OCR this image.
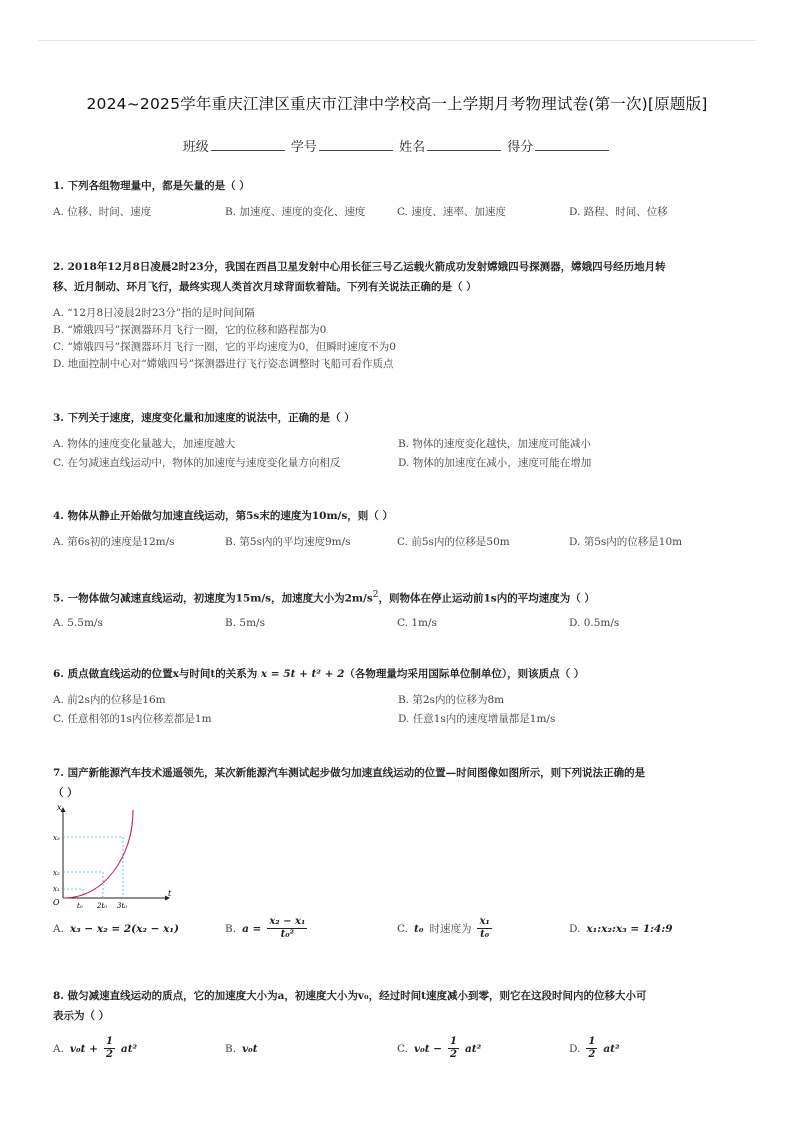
2024~2025学年重庆江津区重庆市江津中学校高一上学期月考物理试卷(第一次)[原题版]
班级	学号	姓名	得分
1. 下列各组物理量中，都是矢量的是（ ）
A. 位移、时间、速度	B. 加速度、速度的变化、速度	C. 速度、速率、加速度	D. 路程、时间、位移
2. 2018年12月8日凌晨2时23分，我国在西昌卫星发射中心用长征三号乙运载火箭成功发射嫦娥四号探测器，嫦娥四号经历地月转
移、近月制动、环月飞行，最终实现人类首次月球背面软着陆。下列有关说法正确的是（ ）
A. “12月8日凌晨2时23分”指的是时间间隔
B. “嫦娥四号”探测器环月飞行一圈，它的位移和路程都为0
C. “嫦娥四号”探测器环月飞行一圈，它的平均速度为0，但瞬时速度不为0
D. 地面控制中心对“嫦娥四号”探测器进行飞行姿态调整时飞船可看作质点
3. 下列关于速度，速度变化量和加速度的说法中，正确的是（ ）
A. 物体的速度变化量越大，加速度越大	B. 物体的速度变化越快，加速度可能减小
C. 在匀减速直线运动中，物体的加速度与速度变化量方向相反	D. 物体的加速度在减小，速度可能在增加
4. 物体从静止开始做匀加速直线运动，第5s末的速度为10m/s，则（ ）
A. 第6s初的速度是12m/s	B. 第5s内的平均速度9m/s	C. 前5s内的位移是50m	D. 第5s内的位移是10m
5. 一物体做匀减速直线运动，初速度为15m/s，加速度大小为$2m/s^2$，则物体在停止运动前1s内的平均速度为（ ）
A. 5.5m/s	B. 5m/s	C. 1m/s	D. 0.5m/s
6. 质点做直线运动的位置x与时间t的关系为 x = 5t + t² + 2（各物理量均采用国际单位制单位），则该质点（ ）
A. 前2s内的位移是16m	B. 第2s内的位移为8m
C. 任意相邻的1s内位移差都是1m	D. 任意1s内的速度增量都是1m/s
7. 国产新能源汽车技术遥遥领先，某次新能源汽车测试起步做匀加速直线运动的位置—时间图像如图所示，则下列说法正确的是
（ ）
t
x
O t₀ 2t₀ 3t₀
x₁
x₂
x₃
A. x₃ − x₂ = 2(x₂ − x₁)	B. $a = \frac{\text{x₂ − x₁}}{\text{t₀²}}$	C. t₀ 时速度为 $\frac{\text{x₁}}{\text{t₀}}$	D. x₁:x₂:x₃ = 1:4:9
8. 做匀减速直线运动的质点，它的加速度大小为a，初速度大小为v₀，经过时间t速度减小到零，则它在这段时间内的位移大小可
表示为（ ）
A. $v_0t + \frac{1}{2} at^2$	B. v₀t	C. $v_0t - \frac{1}{2} at^2$	D. $\frac{1}{2} at^2$
